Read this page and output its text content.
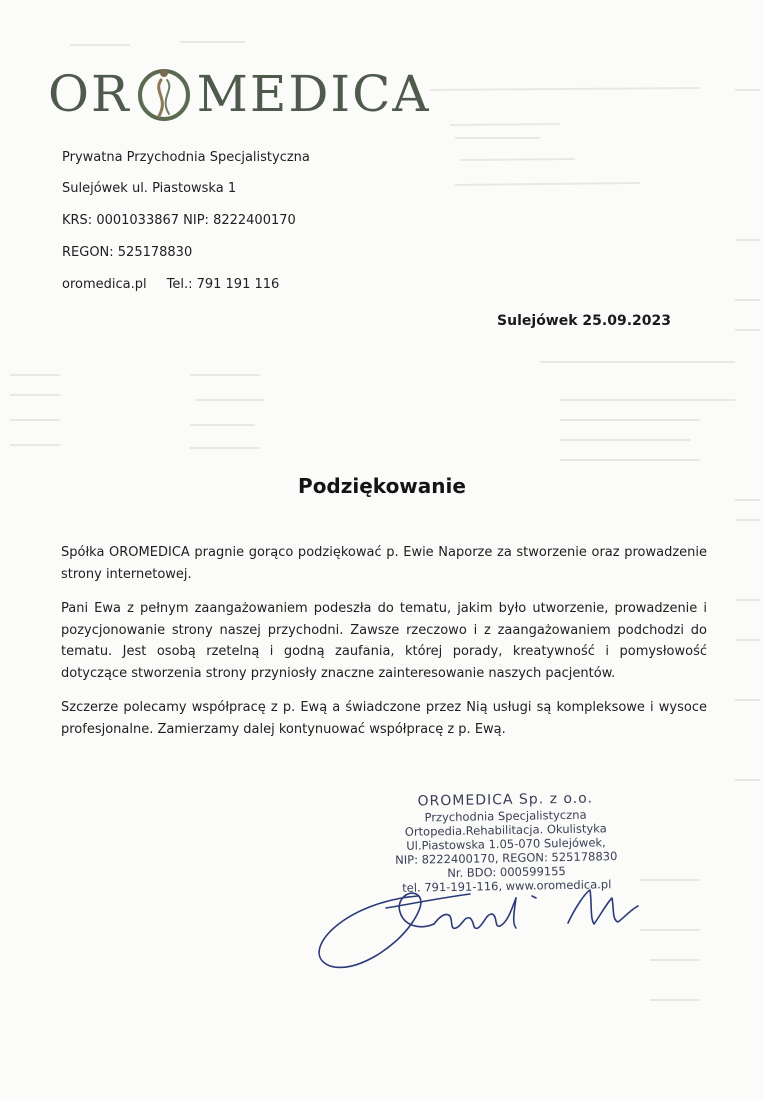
OR MEDICA
Prywatna Przychodnia Specjalistyczna
Sulejówek ul. Piastowska 1
KRS: 0001033867 NIP: 8222400170
REGON: 525178830
oromedica.pl Tel.: 791 191 116
Sulejówek 25.09.2023
Podziękowanie

Spółka OROMEDICA pragnie gorąco podziękować p. Ewie Naporze za stworzenie oraz prowadzenie strony internetowej.

Pani Ewa z pełnym zaangażowaniem podeszła do tematu, jakim było utworzenie, prowadzenie i pozycjonowanie strony naszej przychodni. Zawsze rzeczowo i z zaangażowaniem podchodzi do tematu. Jest osobą rzetelną i godną zaufania, której porady, kreatywność i pomysłowość dotyczące stworzenia strony przyniosły znaczne zainteresowanie naszych pacjentów.

Szczerze polecamy współpracę z p. Ewą a świadczone przez Nią usługi są kompleksowe i wysoce profesjonalne. Zamierzamy dalej kontynuować współpracę z p. Ewą.

OROMEDICA Sp. z o.o.
Przychodnia Specjalistyczna
Ortopedia.Rehabilitacja. Okulistyka
Ul.Piastowska 1.05-070 Sulejówek,
NIP: 8222400170, REGON: 525178830
Nr. BDO: 000599155
tel. 791-191-116, www.oromedica.pl
